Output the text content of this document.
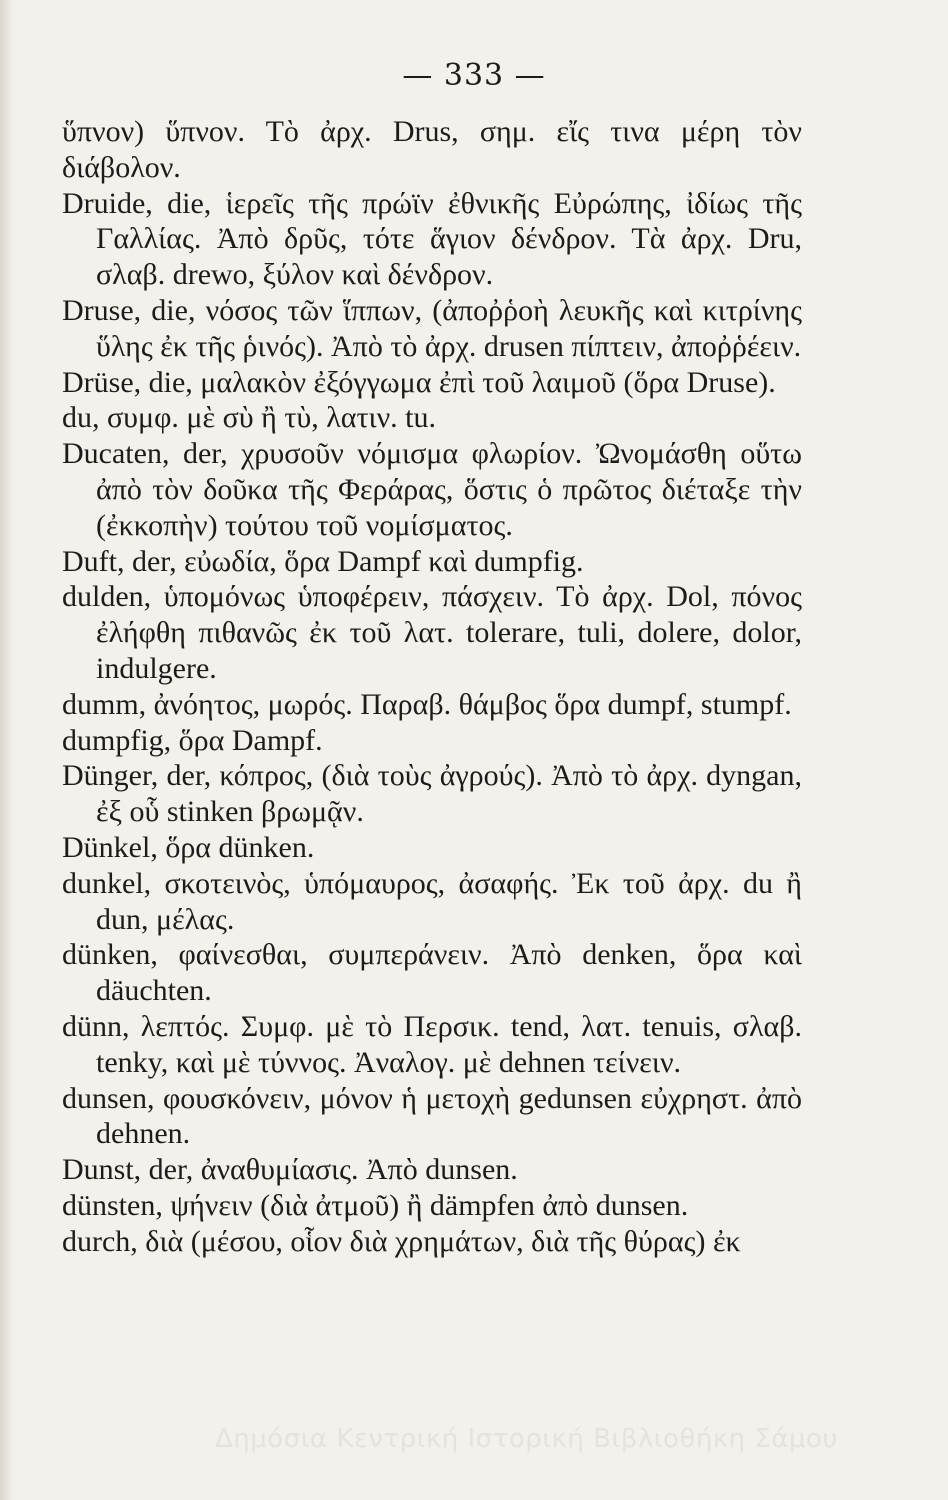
— 333 —
ὕπνον) ὕπνον. Τὸ ἀρχ. Drus, σημ. εἴς τινα μέρη τὸν διάβολον.
Druide, die, ἱερεῖς τῆς πρώϊν ἐθνικῆς Εὐρώπης, ἰδίως τῆς Γαλλίας. Ἀπὸ δρῦς, τότε ἅγιον δένδρον. Τὰ ἀρχ. Dru, σλαβ. drewo, ξύλον καὶ δένδρον.
Druse, die, νόσος τῶν ἵππων, (ἀποῤῥοὴ λευκῆς καὶ κιτρίνης ὕλης ἐκ τῆς ῥινός). Ἀπὸ τὸ ἀρχ. drusen πίπτειν, ἀποῤῥέειν.
Drüse, die, μαλακὸν ἐξόγγωμα ἐπὶ τοῦ λαιμοῦ (ὅρα Druse).
du, συμφ. μὲ σὺ ἢ τὺ, λατιν. tu.
Ducaten, der, χρυσοῦν νόμισμα φλωρίον. Ὠνομάσθη οὕτω ἀπὸ τὸν δοῦκα τῆς Φεράρας, ὅστις ὁ πρῶτος διέταξε τὴν (ἐκκοπὴν) τούτου τοῦ νομίσματος.
Duft, der, εὐωδία, ὅρα Dampf καὶ dumpfig.
dulden, ὑπομόνως ὑποφέρειν, πάσχειν. Τὸ ἀρχ. Dol, πόνος ἐλήφθη πιθανῶς ἐκ τοῦ λατ. tolerare, tuli, dolere, dolor, indulgere.
dumm, ἀνόητος, μωρός. Παραβ. θάμβος ὅρα dumpf, stumpf.
dumpfig, ὅρα Dampf.
Dünger, der, κόπρος, (διὰ τοὺς ἀγρούς). Ἀπὸ τὸ ἀρχ. dyngan, ἐξ οὗ stinken βρωμᾷν.
Dünkel, ὅρα dünken.
dunkel, σκοτεινὸς, ὑπόμαυρος, ἀσαφής. Ἐκ τοῦ ἀρχ. du ἢ dun, μέλας.
dünken, φαίνεσθαι, συμπεράνειν. Ἀπὸ denken, ὅρα καὶ däuchten.
dünn, λεπτός. Συμφ. μὲ τὸ Περσικ. tend, λατ. tenuis, σλαβ. tenky, καὶ μὲ τύννος. Ἀναλογ. μὲ dehnen τείνειν.
dunsen, φουσκόνειν, μόνον ἡ μετοχὴ gedunsen εὐχρηστ. ἀπὸ dehnen.
Dunst, der, ἀναθυμίασις. Ἀπὸ dunsen.
dünsten, ψήνειν (διὰ ἀτμοῦ) ἢ dämpfen ἀπὸ dunsen.
durch, διὰ (μέσου, οἷον διὰ χρημάτων, διὰ τῆς θύρας) ἐκ
Δημόσια Κεντρική Ιστορική Βιβλιοθήκη Σάμου
